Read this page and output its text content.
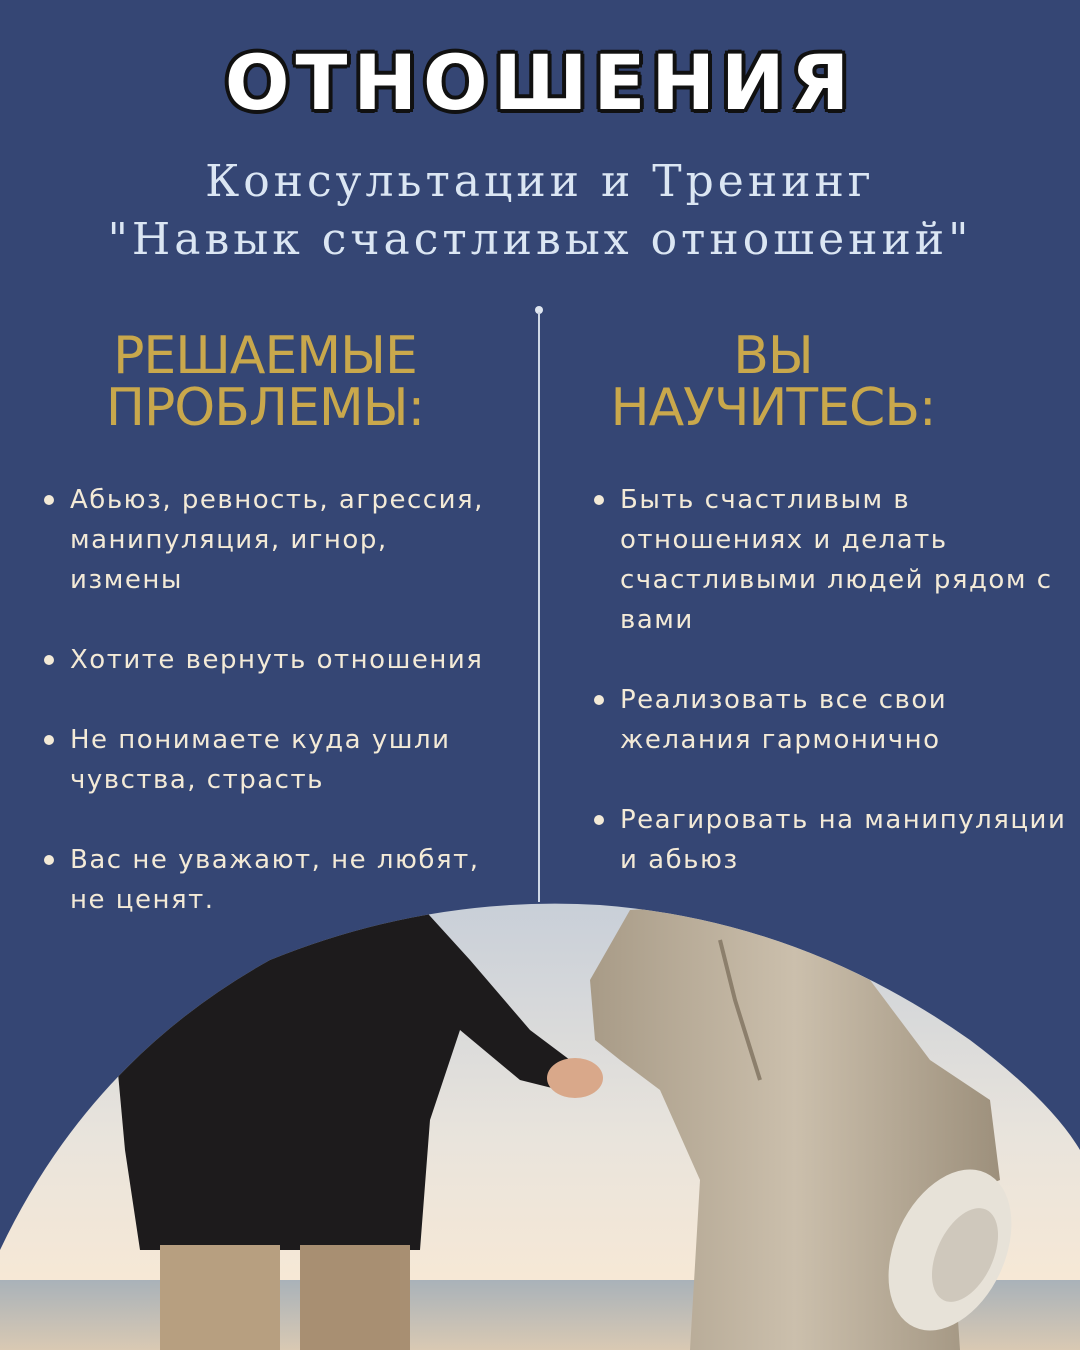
ОТНОШЕНИЯ
Консультации и Тренинг
"Навык счастливых отношений"
РЕШАЕМЫЕ
ПРОБЛЕМЫ:
ВЫ
НАУЧИТЕСЬ:
Абьюз, ревность, агрессия, манипуляция, игнор, измены
Хотите вернуть отношения
Не понимаете куда ушли чувства, страсть
Вас не уважают, не любят, не ценят.
Быть счастливым в отношениях и делать счастливыми людей рядом с вами
Реализовать все свои желания гармонично
Реагировать на манипуляции и абьюз
